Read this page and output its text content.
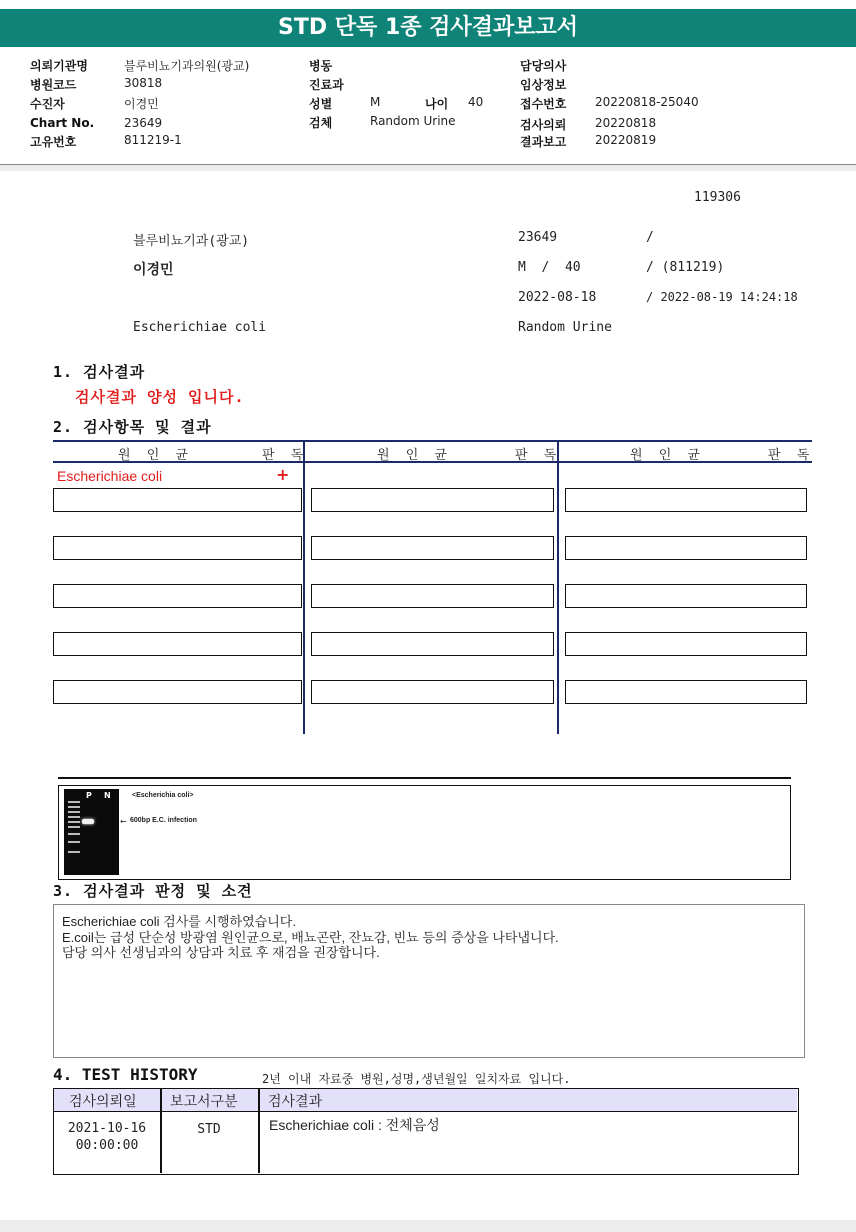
STD 단독 1종 검사결과보고서
의뢰기관명	블루비뇨기과의원(광교)
병원코드	30818
수진자	이경민
Chart No. 23649
고유번호	811219-1
병동
진료과
성별	M	나이 40
검체	Random Urine
담당의사
임상정보
접수번호 20220818-25040
검사의뢰 20220818
결과보고 20220819
119306
블루비뇨기과(광교)	23649	/
이경민	M  /  40	/ (811219)
2022-08-18	/ 2022-08-19 14:24:18
Escherichiae coli	Random Urine
1. 검사결과
검사결과 양성 입니다.
2. 검사항목 및 결과
원 인 균	판 독	원 인 균	판 독	원 인 균	판 독
Escherichiae coli	+
P N	<Escherichia coli>
← 600bp E.C. infection
3. 검사결과 판정 및 소견
Escherichiae coli 검사를 시행하였습니다.
E.coil는 급성 단순성 방광염 원인균으로, 배뇨곤란, 잔뇨감, 빈뇨 등의 증상을 나타냅니다.
담당 의사 선생님과의 상담과 치료 후 재검을 권장합니다.
4. TEST HISTORY	2년 이내 자료중 병원,성명,생년월일 일치자료 입니다.
검사의뢰일 보고서구분 검사결과
2021-10-16
00:00:00
STD	Escherichiae coli : 전체음성
